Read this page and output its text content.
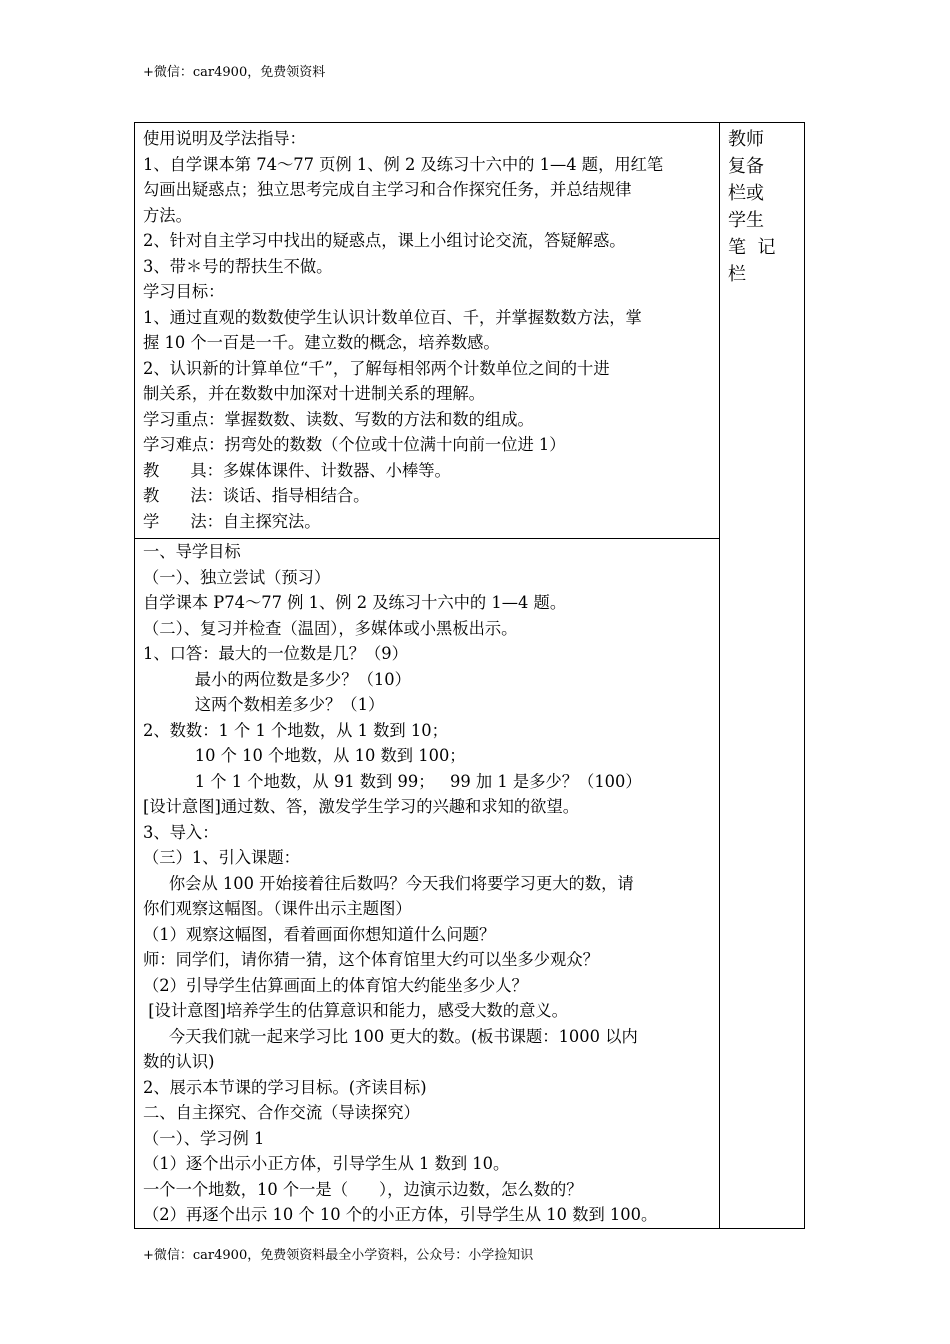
+微信：car4900，免费领资料

使用说明及学法指导：

1、自学课本第 74～77 页例 1、例 2 及练习十六中的 1—4 题，用红笔

勾画出疑惑点；独立思考完成自主学习和合作探究任务，并总结规律

方法。

2、针对自主学习中找出的疑惑点，课上小组讨论交流，答疑解惑。

3、带＊号的帮扶生不做。

学习目标：

1、通过直观的数数使学生认识计数单位百、千，并掌握数数方法，掌

握 10 个一百是一千。建立数的概念，培养数感。

2、认识新的计算单位“千”，了解每相邻两个计数单位之间的十进

制关系，并在数数中加深对十进制关系的理解。

学习重点：掌握数数、读数、写数的方法和数的组成。

学习难点：拐弯处的数数（个位或十位满十向前一位进 1）

教      具：多媒体课件、计数器、小棒等。

教      法：谈话、指导相结合。

学      法：自主探究法。

教师

复备

栏或

学生

笔  记

栏

一、导学目标

（一）、独立尝试（预习）

自学课本 P74～77 例 1、例 2 及练习十六中的 1—4 题。

（二）、复习并检查（温固），多媒体或小黑板出示。

1、口答：最大的一位数是几？（9）

最小的两位数是多少？（10）

这两个数相差多少？（1）

2、数数：1 个 1 个地数，从 1 数到 10；

10 个 10 个地数，从 10 数到 100；

1 个 1 个地数，从 91 数到 99；   99 加 1 是多少？（100）

[设计意图]通过数、答，激发学生学习的兴趣和求知的欲望。

3、导入：

（三）1、引入课题：

你会从 100 开始接着往后数吗？今天我们将要学习更大的数，请

你们观察这幅图。（课件出示主题图）

（1）观察这幅图，看着画面你想知道什么问题？

师：同学们，请你猜一猜，这个体育馆里大约可以坐多少观众？

（2）引导学生估算画面上的体育馆大约能坐多少人？

[设计意图]培养学生的估算意识和能力，感受大数的意义。

今天我们就一起来学习比 100 更大的数。(板书课题：1000 以内

数的认识)

2、展示本节课的学习目标。(齐读目标)

二、自主探究、合作交流（导读探究）

（一）、学习例 1

（1）逐个出示小正方体，引导学生从 1 数到 10。

一个一个地数，10 个一是（      ），边演示边数，怎么数的？

（2）再逐个出示 10 个 10 个的小正方体，引导学生从 10 数到 100。

+微信：car4900，免费领资料最全小学资料，公众号：小学捡知识
